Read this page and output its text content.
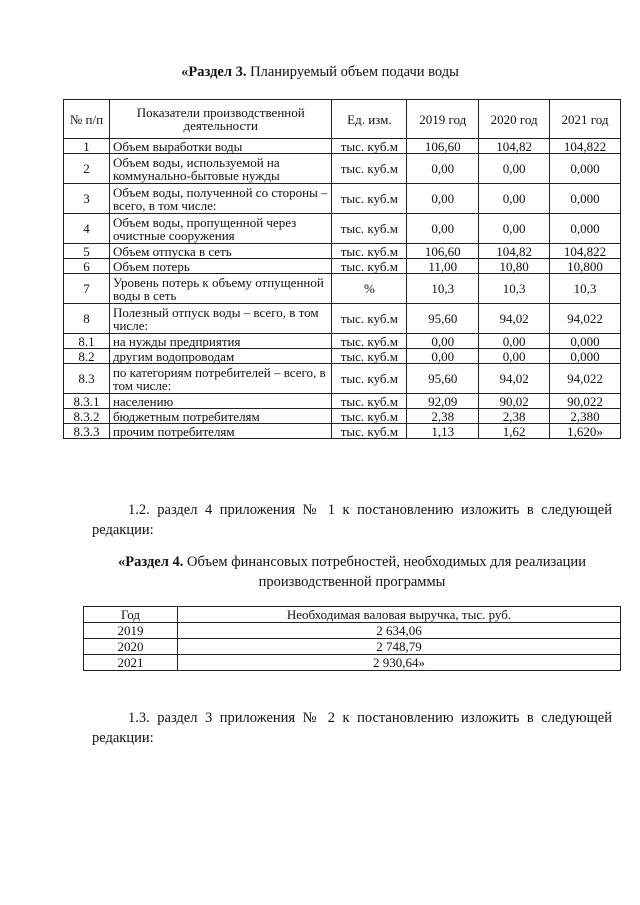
«Раздел 3. Планируемый объем подачи воды
№ п/п	Показатели производственной деятельности	Ед. изм.	2019 год	2020 год	2021 год
1	Объем выработки воды	тыс. куб.м	106,60	104,82	104,822
2	Объем воды, используемой на коммунально-бытовые нужды	тыс. куб.м	0,00	0,00	0,000
3	Объем воды, полученной со стороны – всего, в том числе:	тыс. куб.м	0,00	0,00	0,000
4	Объем воды, пропущенной через очистные сооружения	тыс. куб.м	0,00	0,00	0,000
5	Объем отпуска в сеть	тыс. куб.м	106,60	104,82	104,822
6	Объем потерь	тыс. куб.м	11,00	10,80	10,800
7	Уровень потерь к объему отпущенной воды в сеть	%	10,3	10,3	10,3
8	Полезный отпуск воды – всего, в том числе:	тыс. куб.м	95,60	94,02	94,022
8.1	на нужды предприятия	тыс. куб.м	0,00	0,00	0,000
8.2	другим водопроводам	тыс. куб.м	0,00	0,00	0,000
8.3	по категориям потребителей – всего, в том числе:	тыс. куб.м	95,60	94,02	94,022
8.3.1	населению	тыс. куб.м	92,09	90,02	90,022
8.3.2	бюджетным потребителям	тыс. куб.м	2,38	2,38	2,380
8.3.3	прочим потребителям	тыс. куб.м	1,13	1,62	1,620»
1.2. раздел 4 приложения № 1 к постановлению изложить в следующей редакции:
«Раздел 4. Объем финансовых потребностей, необходимых для реализации производственной программы
Год	Необходимая валовая выручка, тыс. руб.
2019	2 634,06
2020	2 748,79
2021	2 930,64»
1.3. раздел 3 приложения № 2 к постановлению изложить в следующей редакции:
